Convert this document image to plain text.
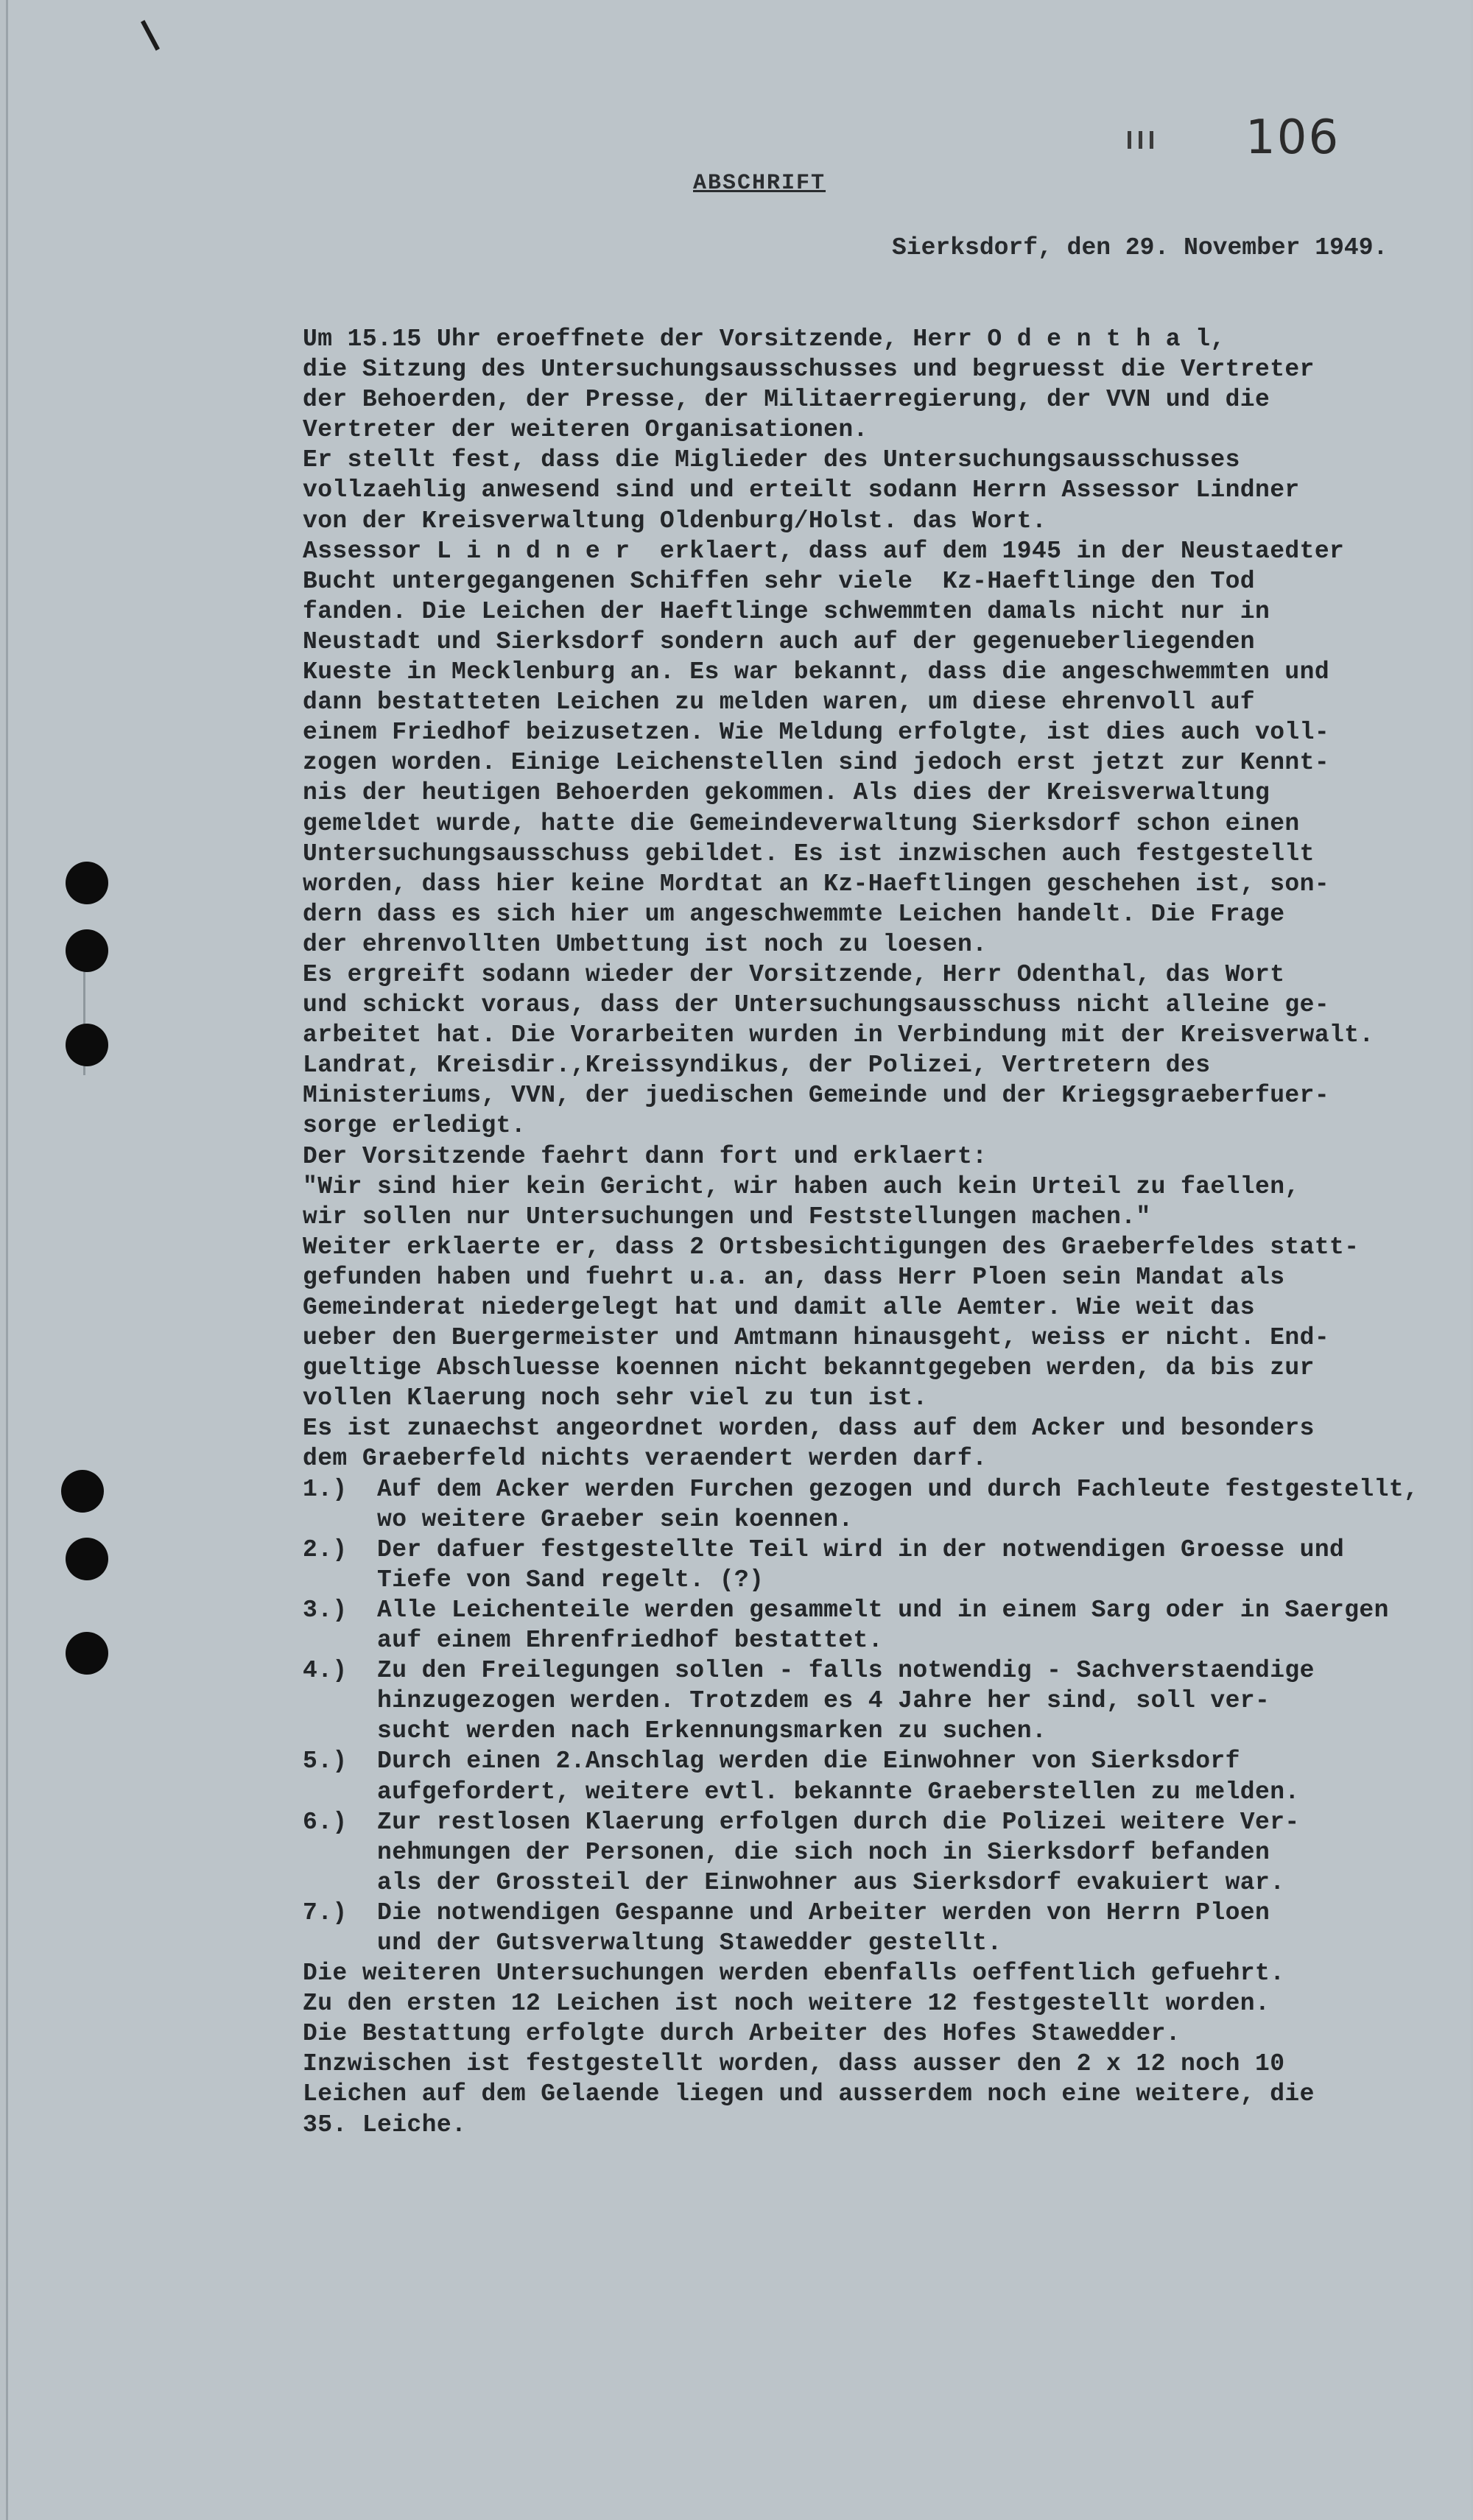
106
ABSCHRIFT
Sierksdorf, den 29. November 1949.
Um 15.15 Uhr eroeffnete der Vorsitzende, Herr O d e n t h a l,
die Sitzung des Untersuchungsausschusses und begruesst die Vertreter
der Behoerden, der Presse, der Militaerregierung, der VVN und die
Vertreter der weiteren Organisationen.
Er stellt fest, dass die Miglieder des Untersuchungsausschusses
vollzaehlig anwesend sind und erteilt sodann Herrn Assessor Lindner
von der Kreisverwaltung Oldenburg/Holst. das Wort.
Assessor L i n d n e r  erklaert, dass auf dem 1945 in der Neustaedter
Bucht untergegangenen Schiffen sehr viele  Kz-Haeftlinge den Tod
fanden. Die Leichen der Haeftlinge schwemmten damals nicht nur in
Neustadt und Sierksdorf sondern auch auf der gegenueberliegenden
Kueste in Mecklenburg an. Es war bekannt, dass die angeschwemmten und
dann bestatteten Leichen zu melden waren, um diese ehrenvoll auf
einem Friedhof beizusetzen. Wie Meldung erfolgte, ist dies auch voll-
zogen worden. Einige Leichenstellen sind jedoch erst jetzt zur Kennt-
nis der heutigen Behoerden gekommen. Als dies der Kreisverwaltung
gemeldet wurde, hatte die Gemeindeverwaltung Sierksdorf schon einen
Untersuchungsausschuss gebildet. Es ist inzwischen auch festgestellt
worden, dass hier keine Mordtat an Kz-Haeftlingen geschehen ist, son-
dern dass es sich hier um angeschwemmte Leichen handelt. Die Frage
der ehrenvollten Umbettung ist noch zu loesen.
Es ergreift sodann wieder der Vorsitzende, Herr Odenthal, das Wort
und schickt voraus, dass der Untersuchungsausschuss nicht alleine ge-
arbeitet hat. Die Vorarbeiten wurden in Verbindung mit der Kreisverwalt.
Landrat, Kreisdir.,Kreissyndikus, der Polizei, Vertretern des
Ministeriums, VVN, der juedischen Gemeinde und der Kriegsgraeberfuer-
sorge erledigt.
Der Vorsitzende faehrt dann fort und erklaert:
"Wir sind hier kein Gericht, wir haben auch kein Urteil zu faellen,
wir sollen nur Untersuchungen und Feststellungen machen."
Weiter erklaerte er, dass 2 Ortsbesichtigungen des Graeberfeldes statt-
gefunden haben und fuehrt u.a. an, dass Herr Ploen sein Mandat als
Gemeinderat niedergelegt hat und damit alle Aemter. Wie weit das
ueber den Buergermeister und Amtmann hinausgeht, weiss er nicht. End-
gueltige Abschluesse koennen nicht bekanntgegeben werden, da bis zur
vollen Klaerung noch sehr viel zu tun ist.
Es ist zunaechst angeordnet worden, dass auf dem Acker und besonders
dem Graeberfeld nichts veraendert werden darf.
1.)  Auf dem Acker werden Furchen gezogen und durch Fachleute festgestellt,
wo weitere Graeber sein koennen.
2.)  Der dafuer festgestellte Teil wird in der notwendigen Groesse und
Tiefe von Sand regelt. (?)
3.)  Alle Leichenteile werden gesammelt und in einem Sarg oder in Saergen
auf einem Ehrenfriedhof bestattet.
4.)  Zu den Freilegungen sollen - falls notwendig - Sachverstaendige
hinzugezogen werden. Trotzdem es 4 Jahre her sind, soll ver-
sucht werden nach Erkennungsmarken zu suchen.
5.)  Durch einen 2.Anschlag werden die Einwohner von Sierksdorf
aufgefordert, weitere evtl. bekannte Graeberstellen zu melden.
6.)  Zur restlosen Klaerung erfolgen durch die Polizei weitere Ver-
nehmungen der Personen, die sich noch in Sierksdorf befanden
als der Grossteil der Einwohner aus Sierksdorf evakuiert war.
7.)  Die notwendigen Gespanne und Arbeiter werden von Herrn Ploen
und der Gutsverwaltung Stawedder gestellt.
Die weiteren Untersuchungen werden ebenfalls oeffentlich gefuehrt.
Zu den ersten 12 Leichen ist noch weitere 12 festgestellt worden.
Die Bestattung erfolgte durch Arbeiter des Hofes Stawedder.
Inzwischen ist festgestellt worden, dass ausser den 2 x 12 noch 10
Leichen auf dem Gelaende liegen und ausserdem noch eine weitere, die
35. Leiche.
